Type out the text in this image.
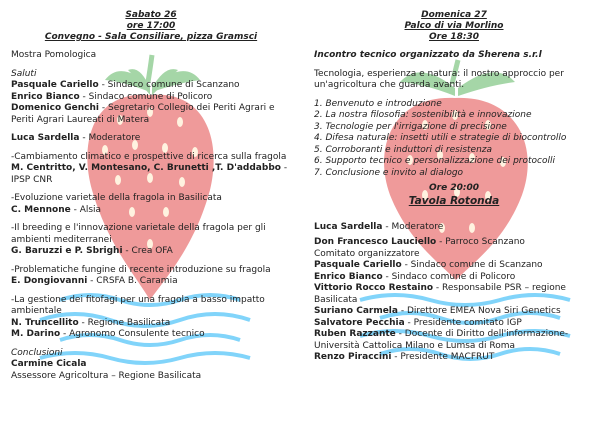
Sabato 26
ore 17:00
Convegno - Sala Consiliare, pizza Gramsci

Mostra Pomologica

Saluti

Pasquale Cariello - Sindaco comune di Scanzano

Enrico Bianco - Sindaco comune di Policoro

Domenico Genchi - Segretario Collegio dei Periti Agrari e Periti Agrari Laureati di Matera

Luca Sardella - Moderatore

-Cambiamento climatico e prospettive di ricerca sulla fragola

M. Centritto, V. Montesano, C. Brunetti ,T. D'addabbo - IPSP CNR

-Evoluzione varietale della fragola in Basilicata

C. Mennone - Alsia

-Il breeding e l'innovazione varietale della fragola per gli ambienti mediterranei

G. Baruzzi e P. Sbrighi - Crea OFA

-Problematiche fungine di recente introduzione su fragola

E. Dongiovanni - CRSFA B. Caramia

-La gestione dei fitofagi per una fragola a basso impatto ambientale

N. Truncellito - Regione Basilicata

M. Darino - Agronomo Consulente tecnico

Conclusioni

Carmine Cicala

Assessore Agricoltura – Regione Basilicata

Domenica 27
Palco di via Morlino
Ore 18:30

Incontro tecnico organizzato da Sherena s.r.l

Tecnologia, esperienza e natura: il nostro approccio per un'agricoltura che guarda avanti.

1. Benvenuto e introduzione
2. La nostra filosofia: sostenibilità e innovazione
3. Tecnologie per l'irrigazione di precisione
4. Difesa naturale: insetti utili e strategie di biocontrollo
5. Corroboranti e induttori di resistenza
6. Supporto tecnico e personalizzazione dei protocolli
7. Conclusione e invito al dialogo

Ore 20:00

Tavola Rotonda

Luca Sardella - Moderatore

Don Francesco Lauciello - Parroco Scanzano

Comitato organizzatore

Pasquale Cariello - Sindaco comune di Scanzano

Enrico Bianco - Sindaco comune di Policoro

Vittorio Rocco Restaino - Responsabile PSR – regione Basilicata

Suriano Carmela - Direttore EMEA Nova Siri Genetics

Salvatore Pecchia - Presidente comitato IGP

Ruben Razzante - Docente di Diritto dell'informazione-Università Cattolica Milano e Lumsa di Roma

Renzo Piraccini - Presidente MACFRUT
